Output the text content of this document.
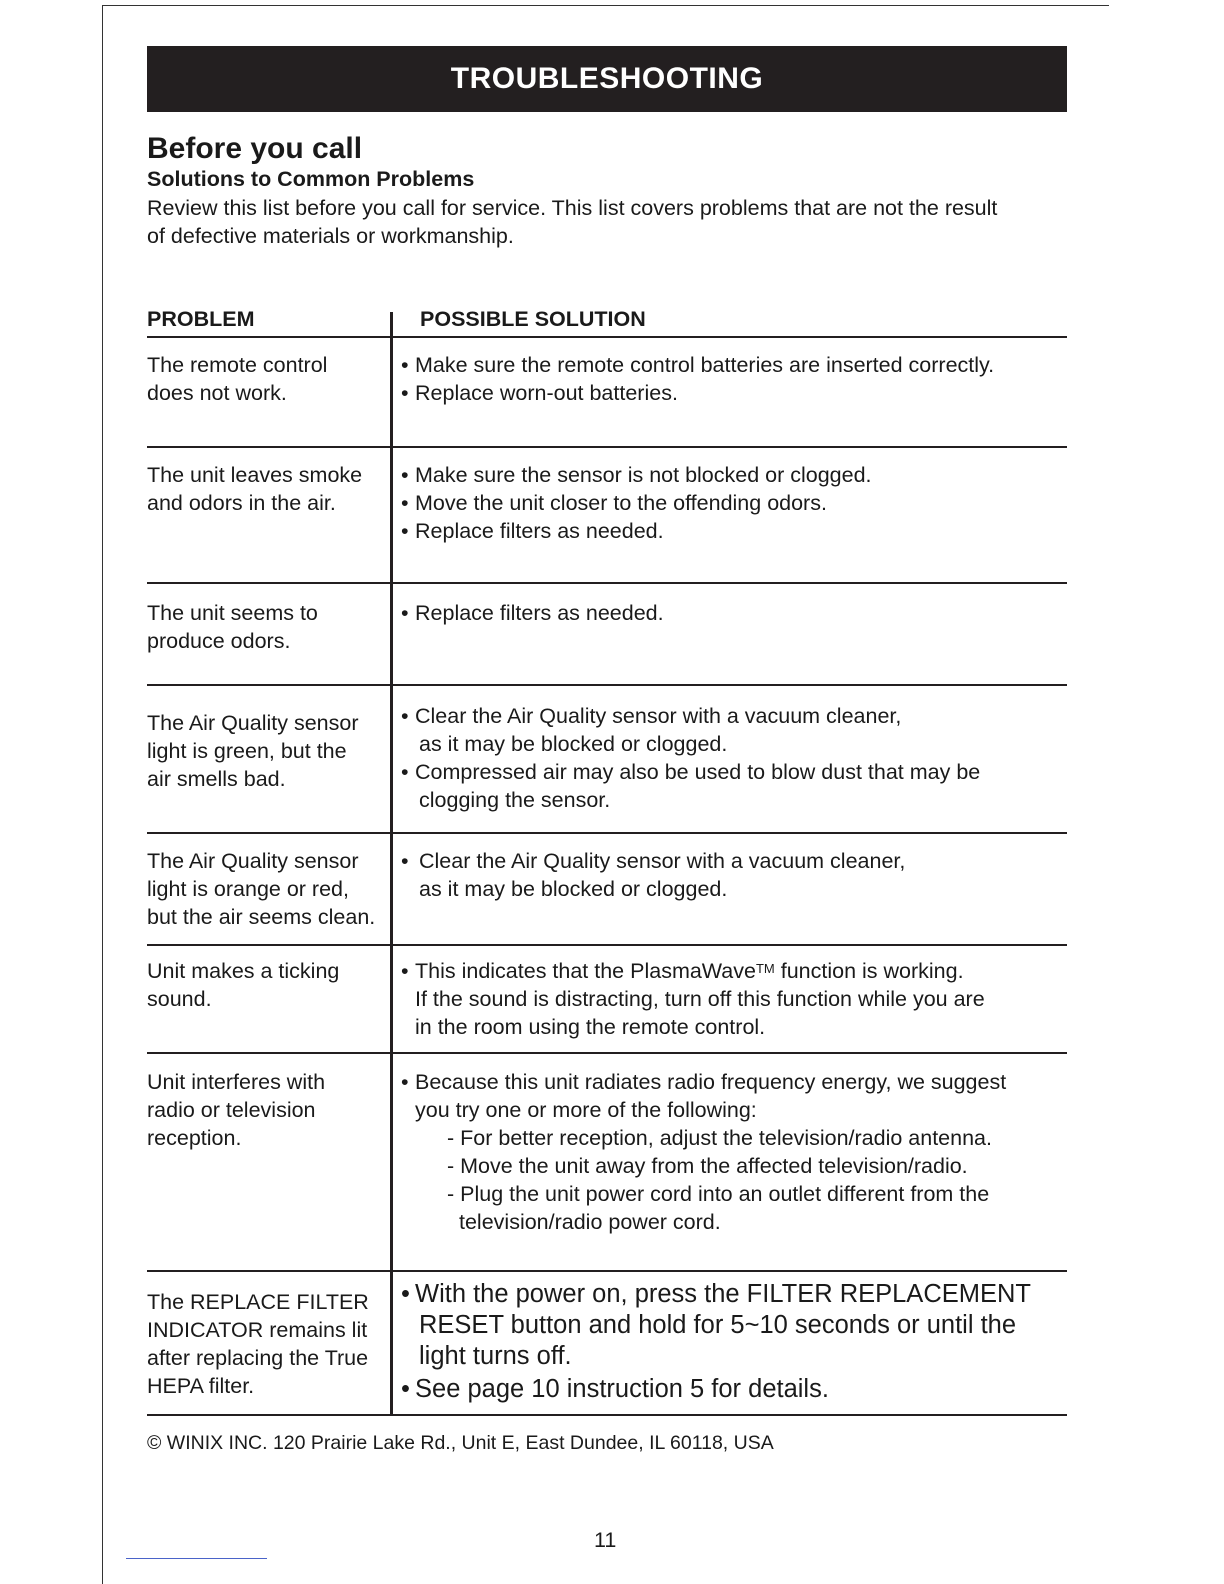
TROUBLESHOOTING
Before you call
Solutions to Common Problems
Review this list before you call for service. This list covers problems that are not the result
of defective materials or workmanship.
PROBLEM	POSSIBLE SOLUTION
The remote control
does not work.
• Make sure the remote control batteries are inserted correctly.
• Replace worn-out batteries.
The unit leaves smoke
and odors in the air.
• Make sure the sensor is not blocked or clogged.
• Move the unit closer to the offending odors.
• Replace filters as needed.
The unit seems to
produce odors.
• Replace filters as needed.
The Air Quality sensor
light is green, but the
air smells bad.
• Clear the Air Quality sensor with a vacuum cleaner,
as it may be blocked or clogged.
• Compressed air may also be used to blow dust that may be
clogging the sensor.
The Air Quality sensor
light is orange or red,
but the air seems clean.
• Clear the Air Quality sensor with a vacuum cleaner,
as it may be blocked or clogged.
Unit makes a ticking
sound.
• This indicates that the PlasmaWave™ function is working.
If the sound is distracting, turn off this function while you are
in the room using the remote control.
Unit interferes with
radio or television
reception.
• Because this unit radiates radio frequency energy, we suggest
you try one or more of the following:
- For better reception, adjust the television/radio antenna.
- Move the unit away from the affected television/radio.
- Plug the unit power cord into an outlet different from the
television/radio power cord.
The REPLACE FILTER
INDICATOR remains lit
after replacing the True
HEPA filter.
• With the power on, press the FILTER REPLACEMENT
RESET button and hold for 5~10 seconds or until the
light turns off.
• See page 10 instruction 5 for details.
© WINIX INC. 120 Prairie Lake Rd., Unit E, East Dundee, IL 60118, USA
11
